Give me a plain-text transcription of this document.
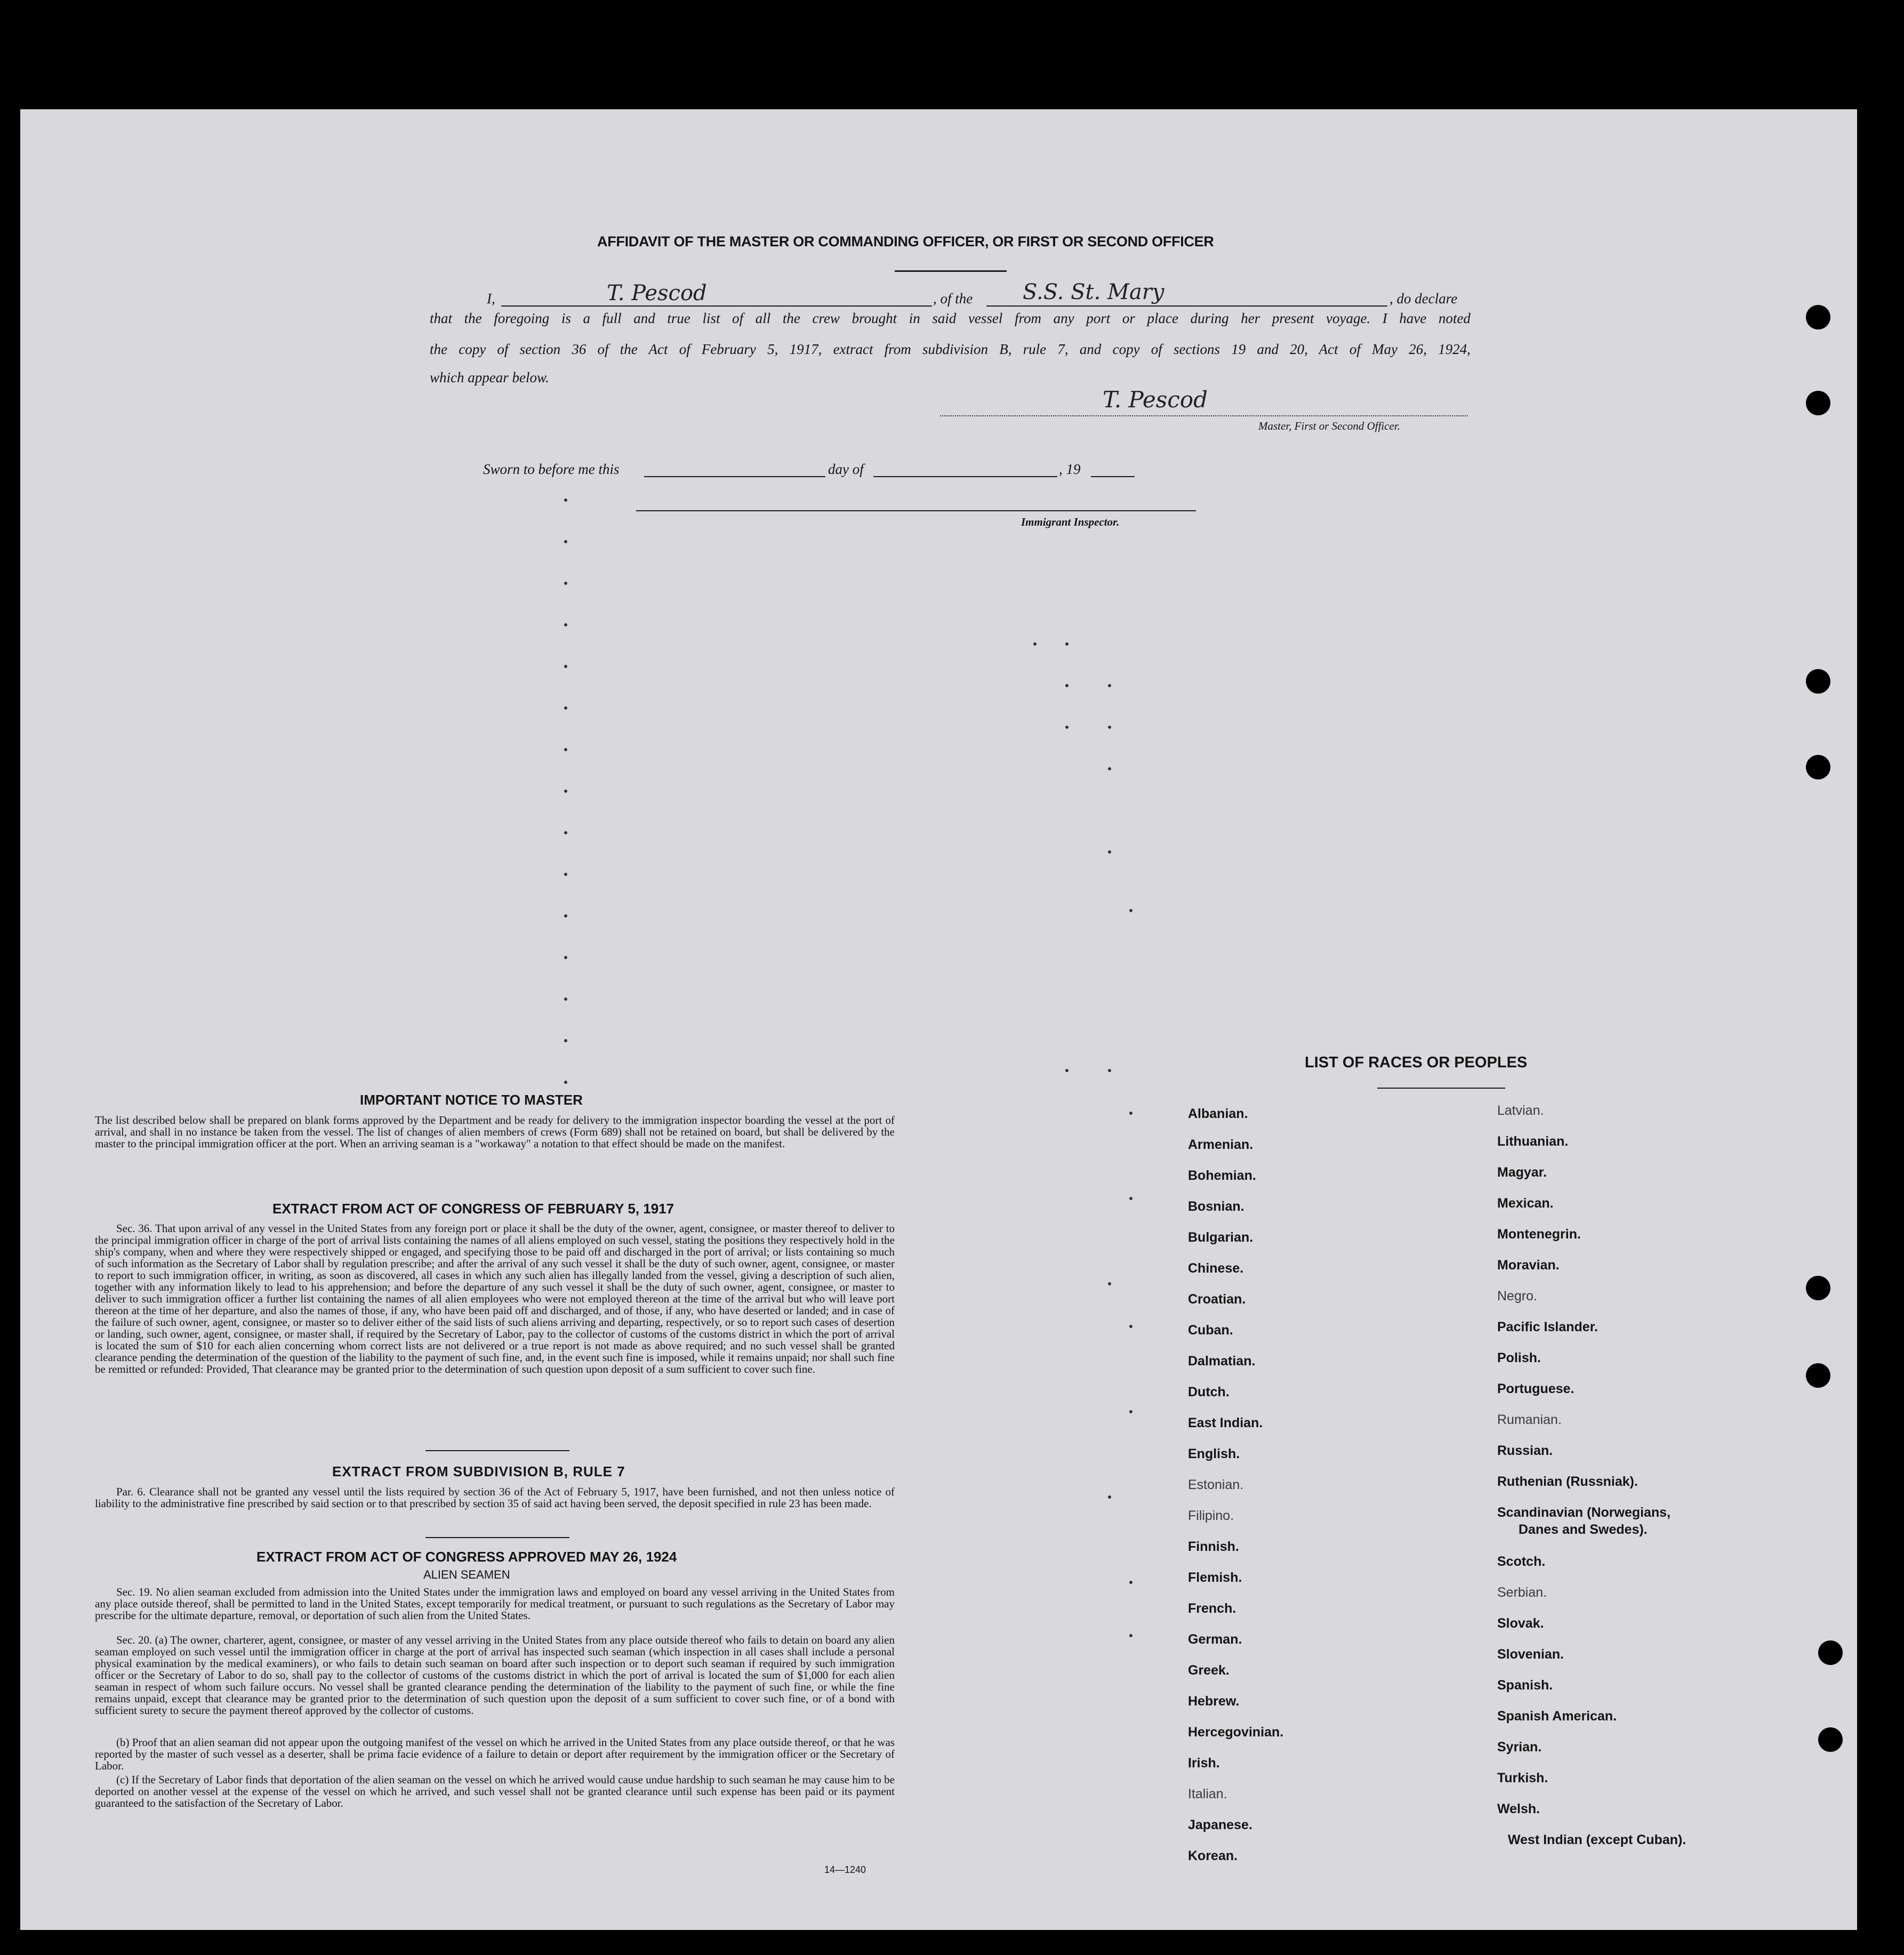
AFFIDAVIT OF THE MASTER OR COMMANDING OFFICER, OR FIRST OR SECOND OFFICER
I,	T. Pescod	, of the S.S. St. Mary	, do declare
that the foregoing is a full and true list of all the crew brought in said vessel from any port or place during her present voyage. I have noted
the copy of section 36 of the Act of February 5, 1917, extract from subdivision B, rule 7, and copy of sections 19 and 20, Act of May 26, 1924,
which appear below.
T. Pescod
Master, First or Second Officer.
Sworn to before me this	day of	, 19
Immigrant Inspector.
IMPORTANT NOTICE TO MASTER
The list described below shall be prepared on blank forms approved by the Department and be ready for delivery to the immigration inspector boarding the vessel at the port of arrival, and shall in no instance be taken from the vessel. The list of changes of alien members of crews (Form 689) shall not be retained on board, but shall be delivered by the master to the principal immigration officer at the port. When an arriving seaman is a "workaway" a notation to that effect should be made on the manifest.
EXTRACT FROM ACT OF CONGRESS OF FEBRUARY 5, 1917
Sec. 36. That upon arrival of any vessel in the United States from any foreign port or place it shall be the duty of the owner, agent, consignee, or master thereof to deliver to the principal immigration officer in charge of the port of arrival lists containing the names of all aliens employed on such vessel, stating the positions they respectively hold in the ship's company, when and where they were respectively shipped or engaged, and specifying those to be paid off and discharged in the port of arrival; or lists containing so much of such information as the Secretary of Labor shall by regulation prescribe; and after the arrival of any such vessel it shall be the duty of such owner, agent, consignee, or master to report to such immigration officer, in writing, as soon as discovered, all cases in which any such alien has illegally landed from the vessel, giving a description of such alien, together with any information likely to lead to his apprehension; and before the departure of any such vessel it shall be the duty of such owner, agent, consignee, or master to deliver to such immigration officer a further list containing the names of all alien employees who were not employed thereon at the time of the arrival but who will leave port thereon at the time of her departure, and also the names of those, if any, who have been paid off and discharged, and of those, if any, who have deserted or landed; and in case of the failure of such owner, agent, consignee, or master so to deliver either of the said lists of such aliens arriving and departing, respectively, or so to report such cases of desertion or landing, such owner, agent, consignee, or master shall, if required by the Secretary of Labor, pay to the collector of customs of the customs district in which the port of arrival is located the sum of $10 for each alien concerning whom correct lists are not delivered or a true report is not made as above required; and no such vessel shall be granted clearance pending the determination of the question of the liability to the payment of such fine, and, in the event such fine is imposed, while it remains unpaid; nor shall such fine be remitted or refunded: Provided, That clearance may be granted prior to the determination of such question upon deposit of a sum sufficient to cover such fine.
EXTRACT FROM SUBDIVISION B, RULE 7
Par. 6. Clearance shall not be granted any vessel until the lists required by section 36 of the Act of February 5, 1917, have been furnished, and not then unless notice of liability to the administrative fine prescribed by said section or to that prescribed by section 35 of said act having been served, the deposit specified in rule 23 has been made.
EXTRACT FROM ACT OF CONGRESS APPROVED MAY 26, 1924
ALIEN SEAMEN
Sec. 19. No alien seaman excluded from admission into the United States under the immigration laws and employed on board any vessel arriving in the United States from any place outside thereof, shall be permitted to land in the United States, except temporarily for medical treatment, or pursuant to such regulations as the Secretary of Labor may prescribe for the ultimate departure, removal, or deportation of such alien from the United States.
Sec. 20. (a) The owner, charterer, agent, consignee, or master of any vessel arriving in the United States from any place outside thereof who fails to detain on board any alien seaman employed on such vessel until the immigration officer in charge at the port of arrival has inspected such seaman (which inspection in all cases shall include a personal physical examination by the medical examiners), or who fails to detain such seaman on board after such inspection or to deport such seaman if required by such immigration officer or the Secretary of Labor to do so, shall pay to the collector of customs of the customs district in which the port of arrival is located the sum of $1,000 for each alien seaman in respect of whom such failure occurs. No vessel shall be granted clearance pending the determination of the liability to the payment of such fine, or while the fine remains unpaid, except that clearance may be granted prior to the determination of such question upon the deposit of a sum sufficient to cover such fine, or of a bond with sufficient surety to secure the payment thereof approved by the collector of customs.
(b) Proof that an alien seaman did not appear upon the outgoing manifest of the vessel on which he arrived in the United States from any place outside thereof, or that he was reported by the master of such vessel as a deserter, shall be prima facie evidence of a failure to detain or deport after requirement by the immigration officer or the Secretary of Labor.
(c) If the Secretary of Labor finds that deportation of the alien seaman on the vessel on which he arrived would cause undue hardship to such seaman he may cause him to be deported on another vessel at the expense of the vessel on which he arrived, and such vessel shall not be granted clearance until such expense has been paid or its payment guaranteed to the satisfaction of the Secretary of Labor.
14—1240
LIST OF RACES OR PEOPLES
Albanian.
Armenian.
Bohemian.
Bosnian.
Bulgarian.
Chinese.
Croatian.
Cuban.
Dalmatian.
Dutch.
East Indian.
English.
Estonian.
Filipino.
Finnish.
Flemish.
French.
German.
Greek.
Hebrew.
Hercegovinian.
Irish.
Italian.
Japanese.
Korean.
Latvian.
Lithuanian.
Magyar.
Mexican.
Montenegrin.
Moravian.
Negro.
Pacific Islander.
Polish.
Portuguese.
Rumanian.
Russian.
Ruthenian (Russniak).
Scandinavian (Norwegians,
Danes and Swedes).
Scotch.
Serbian.
Slovak.
Slovenian.
Spanish.
Spanish American.
Syrian.
Turkish.
Welsh.
West Indian (except Cuban).
